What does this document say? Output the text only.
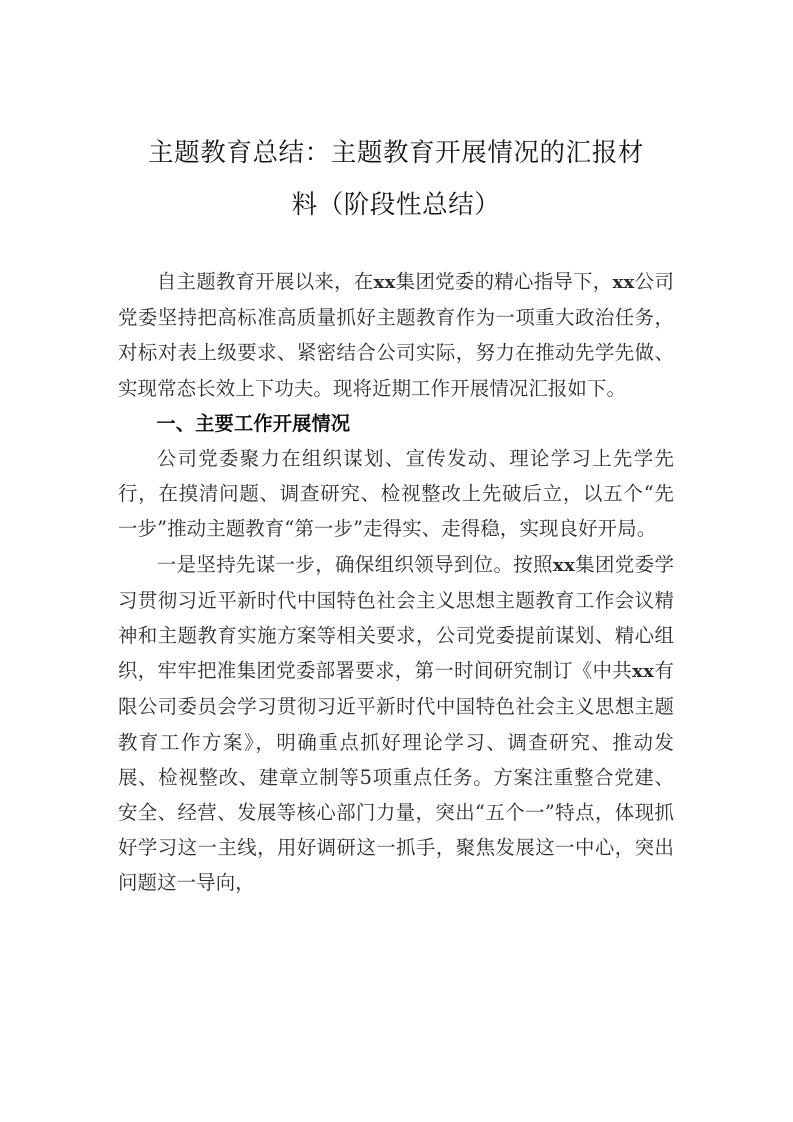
主题教育总结：主题教育开展情况的汇报材
料（阶段性总结）

自主题教育开展以来，在xx集团党委的精心指导下，xx公司党委坚持把高标准高质量抓好主题教育作为一项重大政治任务，对标对表上级要求、紧密结合公司实际，努力在推动先学先做、实现常态长效上下功夫。现将近期工作开展情况汇报如下。

一、主要工作开展情况

公司党委聚力在组织谋划、宣传发动、理论学习上先学先行，在摸清问题、调查研究、检视整改上先破后立，以五个“先一步”推动主题教育“第一步”走得实、走得稳，实现良好开局。

一是坚持先谋一步，确保组织领导到位。按照xx集团党委学习贯彻习近平新时代中国特色社会主义思想主题教育工作会议精神和主题教育实施方案等相关要求，公司党委提前谋划、精心组织，牢牢把准集团党委部署要求，第一时间研究制订《中共xx有限公司委员会学习贯彻习近平新时代中国特色社会主义思想主题教育工作方案》，明确重点抓好理论学习、调查研究、推动发展、检视整改、建章立制等5项重点任务。方案注重整合党建、安全、经营、发展等核心部门力量，突出“五个一”特点，体现抓好学习这一主线，用好调研这一抓手，聚焦发展这一中心，突出问题这一导向，
